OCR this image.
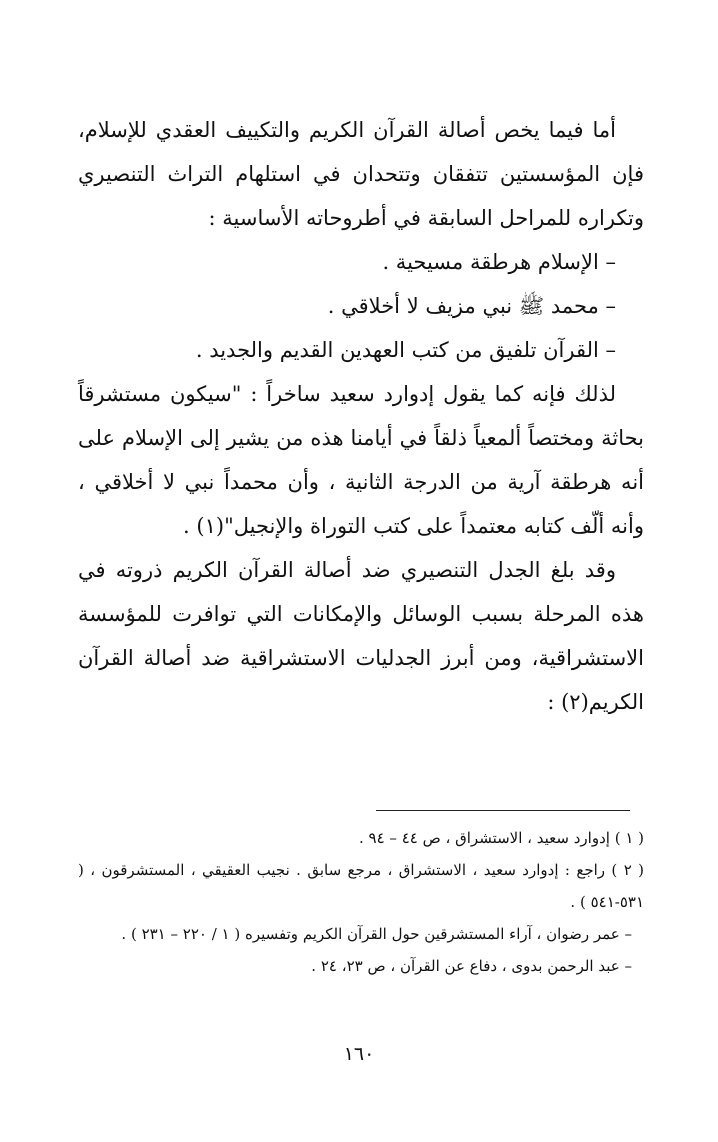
أما فيما يخص أصالة القرآن الكريم والتكييف العقدي للإسلام، فإن المؤسستين تتفقان وتتحدان في استلهام التراث التنصيري وتكراره للمراحل السابقة في أطروحاته الأساسية :

– الإسلام هرطقة مسيحية .

– محمد ﷺ نبي مزيف لا أخلاقي .

– القرآن تلفيق من كتب العهدين القديم والجديد .

لذلك فإنه كما يقول إدوارد سعيد ساخراً : "سيكون مستشرقاً بحاثة ومختصاً ألمعياً ذلقاً في أيامنا هذه من يشير إلى الإسلام على أنه هرطقة آرية من الدرجة الثانية ، وأن محمداً نبي لا أخلاقي ، وأنه ألّف كتابه معتمداً على كتب التوراة والإنجيل"(١) .

وقد بلغ الجدل التنصيري ضد أصالة القرآن الكريم ذروته في هذه المرحلة بسبب الوسائل والإمكانات التي توافرت للمؤسسة الاستشراقية، ومن أبرز الجدليات الاستشراقية ضد أصالة القرآن الكريم(٢) :

( ١ ) إدوارد سعيد ، الاستشراق ، ص ٤٤ – ٩٤ .

( ٢ ) راجع : إدوارد سعيد ، الاستشراق ، مرجع سابق . نجيب العقيقي ، المستشرقون ، ( ٥٣١-٥٤١ ) .

– عمر رضوان ، آراء المستشرقين حول القرآن الكريم وتفسيره ( ١ / ٢٢٠ – ٢٣١ ) .

– عبد الرحمن بدوى ، دفاع عن القرآن ، ص ٢٣، ٢٤ .

١٦٠
